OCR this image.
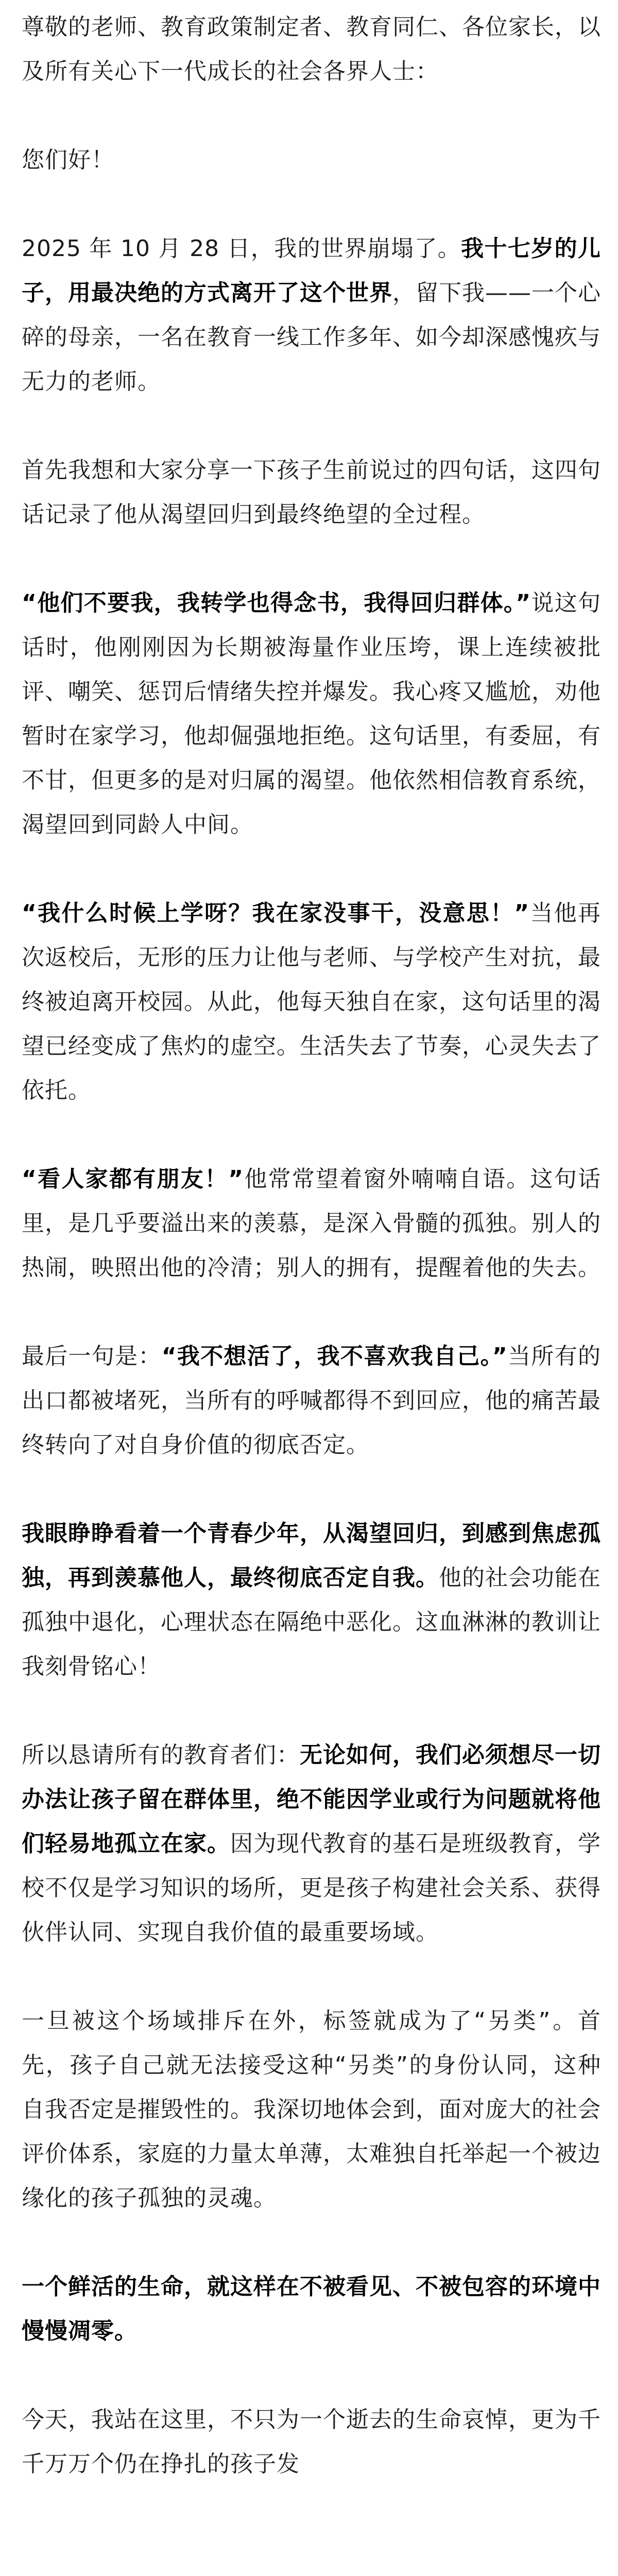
尊敬的老师、教育政策制定者、教育同仁、各位家长，以及所有关心下一代成长的社会各界人士：

您们好！

2025 年 10 月 28 日，我的世界崩塌了。我十七岁的儿子，用最决绝的方式离开了这个世界，留下我——一个心碎的母亲，一名在教育一线工作多年、如今却深感愧疚与无力的老师。

首先我想和大家分享一下孩子生前说过的四句话，这四句话记录了他从渴望回归到最终绝望的全过程。

“他们不要我，我转学也得念书，我得回归群体。”说这句话时，他刚刚因为长期被海量作业压垮，课上连续被批评、嘲笑、惩罚后情绪失控并爆发。我心疼又尴尬，劝他暂时在家学习，他却倔强地拒绝。这句话里，有委屈，有不甘，但更多的是对归属的渴望。他依然相信教育系统，渴望回到同龄人中间。

“我什么时候上学呀？我在家没事干，没意思！”当他再次返校后，无形的压力让他与老师、与学校产生对抗，最终被迫离开校园。从此，他每天独自在家，这句话里的渴望已经变成了焦灼的虚空。生活失去了节奏，心灵失去了依托。

“看人家都有朋友！”他常常望着窗外喃喃自语。这句话里，是几乎要溢出来的羡慕，是深入骨髓的孤独。别人的热闹，映照出他的冷清；别人的拥有，提醒着他的失去。

最后一句是：“我不想活了，我不喜欢我自己。”当所有的出口都被堵死，当所有的呼喊都得不到回应，他的痛苦最终转向了对自身价值的彻底否定。

我眼睁睁看着一个青春少年，从渴望回归，到感到焦虑孤独，再到羡慕他人，最终彻底否定自我。他的社会功能在孤独中退化，心理状态在隔绝中恶化。这血淋淋的教训让我刻骨铭心！

所以恳请所有的教育者们：无论如何，我们必须想尽一切办法让孩子留在群体里，绝不能因学业或行为问题就将他们轻易地孤立在家。因为现代教育的基石是班级教育，学校不仅是学习知识的场所，更是孩子构建社会关系、获得伙伴认同、实现自我价值的最重要场域。

一旦被这个场域排斥在外，标签就成为了“另类”。首先，孩子自己就无法接受这种“另类”的身份认同，这种自我否定是摧毁性的。我深切地体会到，面对庞大的社会评价体系，家庭的力量太单薄，太难独自托举起一个被边缘化的孩子孤独的灵魂。

一个鲜活的生命，就这样在不被看见、不被包容的环境中慢慢凋零。

今天，我站在这里，不只为一个逝去的生命哀悼，更为千千万万个仍在挣扎的孩子发
